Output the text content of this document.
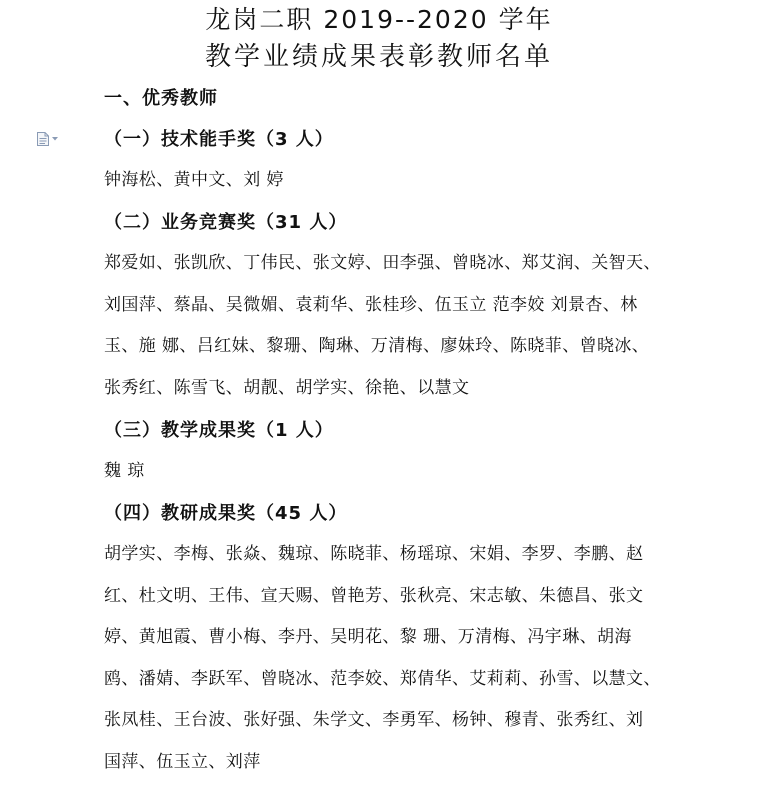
龙岗二职 2019--2020 学年
教学业绩成果表彰教师名单
一、优秀教师
（一）技术能手奖（3 人）
钟海松、黄中文、刘 婷
（二）业务竞赛奖（31 人）
郑爱如、张凯欣、丁伟民、张文婷、田李强、曾晓冰、郑艾润、关智天、
刘国萍、蔡晶、吴微媚、袁莉华、张桂珍、伍玉立 范李姣 刘景杏、林
玉、施 娜、吕红妹、黎珊、陶琳、万清梅、廖妹玲、陈晓菲、曾晓冰、
张秀红、陈雪飞、胡靓、胡学实、徐艳、以慧文
（三）教学成果奖（1 人）
魏 琼
（四）教研成果奖（45 人）
胡学实、李梅、张焱、魏琼、陈晓菲、杨瑶琼、宋娟、李罗、李鹏、赵
红、杜文明、王伟、宣天赐、曾艳芳、张秋亮、宋志敏、朱德昌、张文
婷、黄旭霞、曹小梅、李丹、吴明花、黎 珊、万清梅、冯宇琳、胡海
鸥、潘婧、李跃军、曾晓冰、范李姣、郑倩华、艾莉莉、孙雪、以慧文、
张凤桂、王台波、张好强、朱学文、李勇军、杨钟、穆青、张秀红、刘
国萍、伍玉立、刘萍
